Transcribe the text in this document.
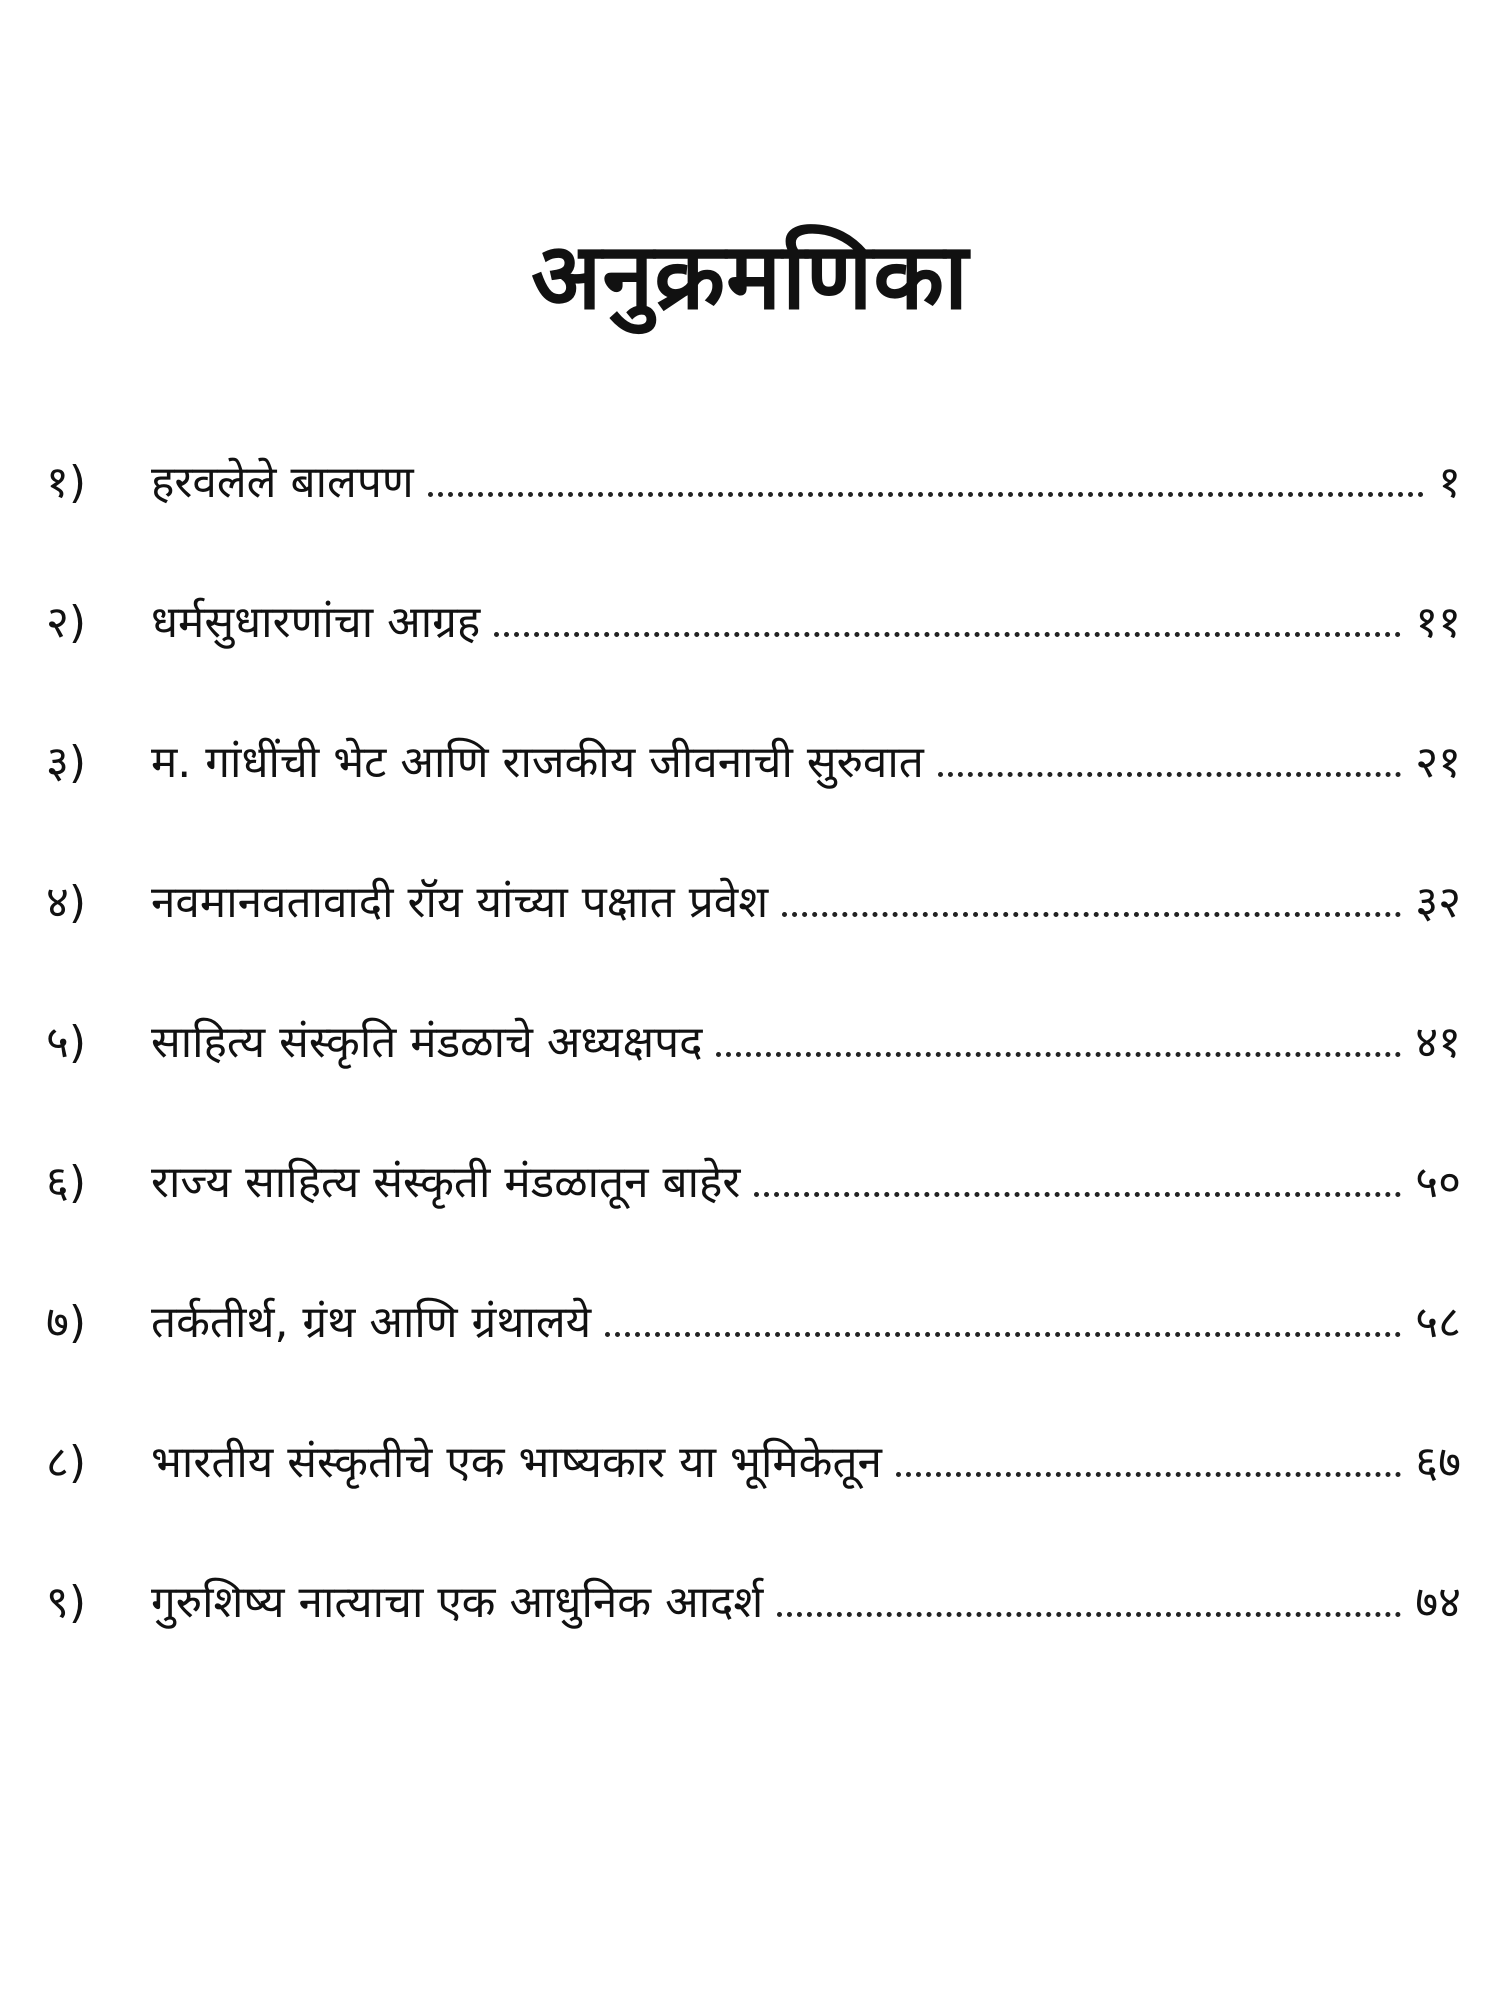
अनुक्रमणिका
१)	हरवलेले बालपण	१
२)	धर्मसुधारणांचा आग्रह	११
३)	म. गांधींची भेट आणि राजकीय जीवनाची सुरुवात	२१
४)	नवमानवतावादी रॉय यांच्या पक्षात प्रवेश	३२
५)	साहित्य संस्कृति मंडळाचे अध्यक्षपद	४१
६)	राज्य साहित्य संस्कृती मंडळातून बाहेर	५०
७)	तर्कतीर्थ, ग्रंथ आणि ग्रंथालये	५८
८)	भारतीय संस्कृतीचे एक भाष्यकार या भूमिकेतून	६७
९)	गुरुशिष्य नात्याचा एक आधुनिक आदर्श	७४
